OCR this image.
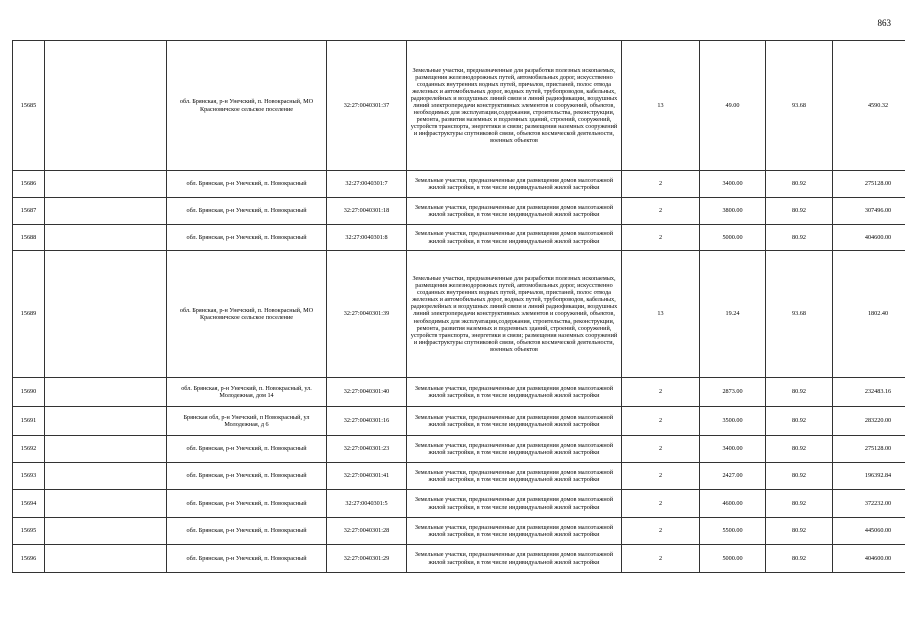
863
15685		обл. Брянская, р-н Унечский, п. Новокрасный, МО Красновичское сельское поселение	32:27:0040301:37	Земельные участки, предназначенные для разработки полезных ископаемых, размещения железнодорожных путей, автомобильных дорог, искусственно созданных внутренних водных путей, причалов, пристаней, полос отвода железных и автомобильных дорог, водных путей, трубопроводов, кабельных, радиорелейных и воздушных линий связи и линий радиофикации, воздушных линий электропередачи конструктивных элементов и сооружений, объектов, необходимых для эксплуатации,содержания, строительства, реконструкции, ремонта, развития наземных и подземных зданий, строений, сооружений, устройств транспорта, энергетики и связи; размещения наземных сооружений и инфраструктуры спутниковой связи, объектов космической деятельности, военных объектов	13	49.00	93.68	4590.32
15686		обл. Брянская, р-н Унечский, п. Новокрасный	32:27:0040301:7	Земельные участки, предназначенные для размещения домов малоэтажной жилой застройки, в том числе индивидуальной жилой застройки	2	3400.00	80.92	275128.00
15687		обл. Брянская, р-н Унечский, п. Новокрасный	32:27:0040301:18	Земельные участки, предназначенные для размещения домов малоэтажной жилой застройки, в том числе индивидуальной жилой застройки	2	3800.00	80.92	307496.00
15688		обл. Брянская, р-н Унечский, п. Новокрасный	32:27:0040301:8	Земельные участки, предназначенные для размещения домов малоэтажной жилой застройки, в том числе индивидуальной жилой застройки	2	5000.00	80.92	404600.00
15689		обл. Брянская, р-н Унечский, п. Новокрасный, МО Красновичское сельское поселение	32:27:0040301:39	Земельные участки, предназначенные для разработки полезных ископаемых, размещения железнодорожных путей, автомобильных дорог, искусственно созданных внутренних водных путей, причалов, пристаней, полос отвода железных и автомобильных дорог, водных путей, трубопроводов, кабельных, радиорелейных и воздушных линий связи и линий радиофикации, воздушных линий электропередачи конструктивных элементов и сооружений, объектов, необходимых для эксплуатации,содержания, строительства, реконструкции, ремонта, развития наземных и подземных зданий, строений, сооружений, устройств транспорта, энергетики и связи; размещения наземных сооружений и инфраструктуры спутниковой связи, объектов космической деятельности, военных объектов	13	19.24	93.68	1802.40
15690		обл. Брянская, р-н Унечский, п. Новокрасный, ул. Молодежная, дом 14	32:27:0040301:40	Земельные участки, предназначенные для размещения домов малоэтажной жилой застройки, в том числе индивидуальной жилой застройки	2	2873.00	80.92	232483.16
15691		Брянская обл, р-н Унечский, п Новокрасный, ул Молодежная, д 6	32:27:0040301:16	Земельные участки, предназначенные для размещения домов малоэтажной жилой застройки, в том числе индивидуальной жилой застройки	2	3500.00	80.92	283220.00
15692		обл. Брянская, р-н Унечский, п. Новокрасный	32:27:0040301:23	Земельные участки, предназначенные для размещения домов малоэтажной жилой застройки, в том числе индивидуальной жилой застройки	2	3400.00	80.92	275128.00
15693		обл. Брянская, р-н Унечский, п. Новокрасный	32:27:0040301:41	Земельные участки, предназначенные для размещения домов малоэтажной жилой застройки, в том числе индивидуальной жилой застройки	2	2427.00	80.92	196392.84
15694		обл. Брянская, р-н Унечский, п. Новокрасный	32:27:0040301:5	Земельные участки, предназначенные для размещения домов малоэтажной жилой застройки, в том числе индивидуальной жилой застройки	2	4600.00	80.92	372232.00
15695		обл. Брянская, р-н Унечский, п. Новокрасный	32:27:0040301:28	Земельные участки, предназначенные для размещения домов малоэтажной жилой застройки, в том числе индивидуальной жилой застройки	2	5500.00	80.92	445060.00
15696		обл. Брянская, р-н Унечский, п. Новокрасный	32:27:0040301:29	Земельные участки, предназначенные для размещения домов малоэтажной жилой застройки, в том числе индивидуальной жилой застройки	2	5000.00	80.92	404600.00
